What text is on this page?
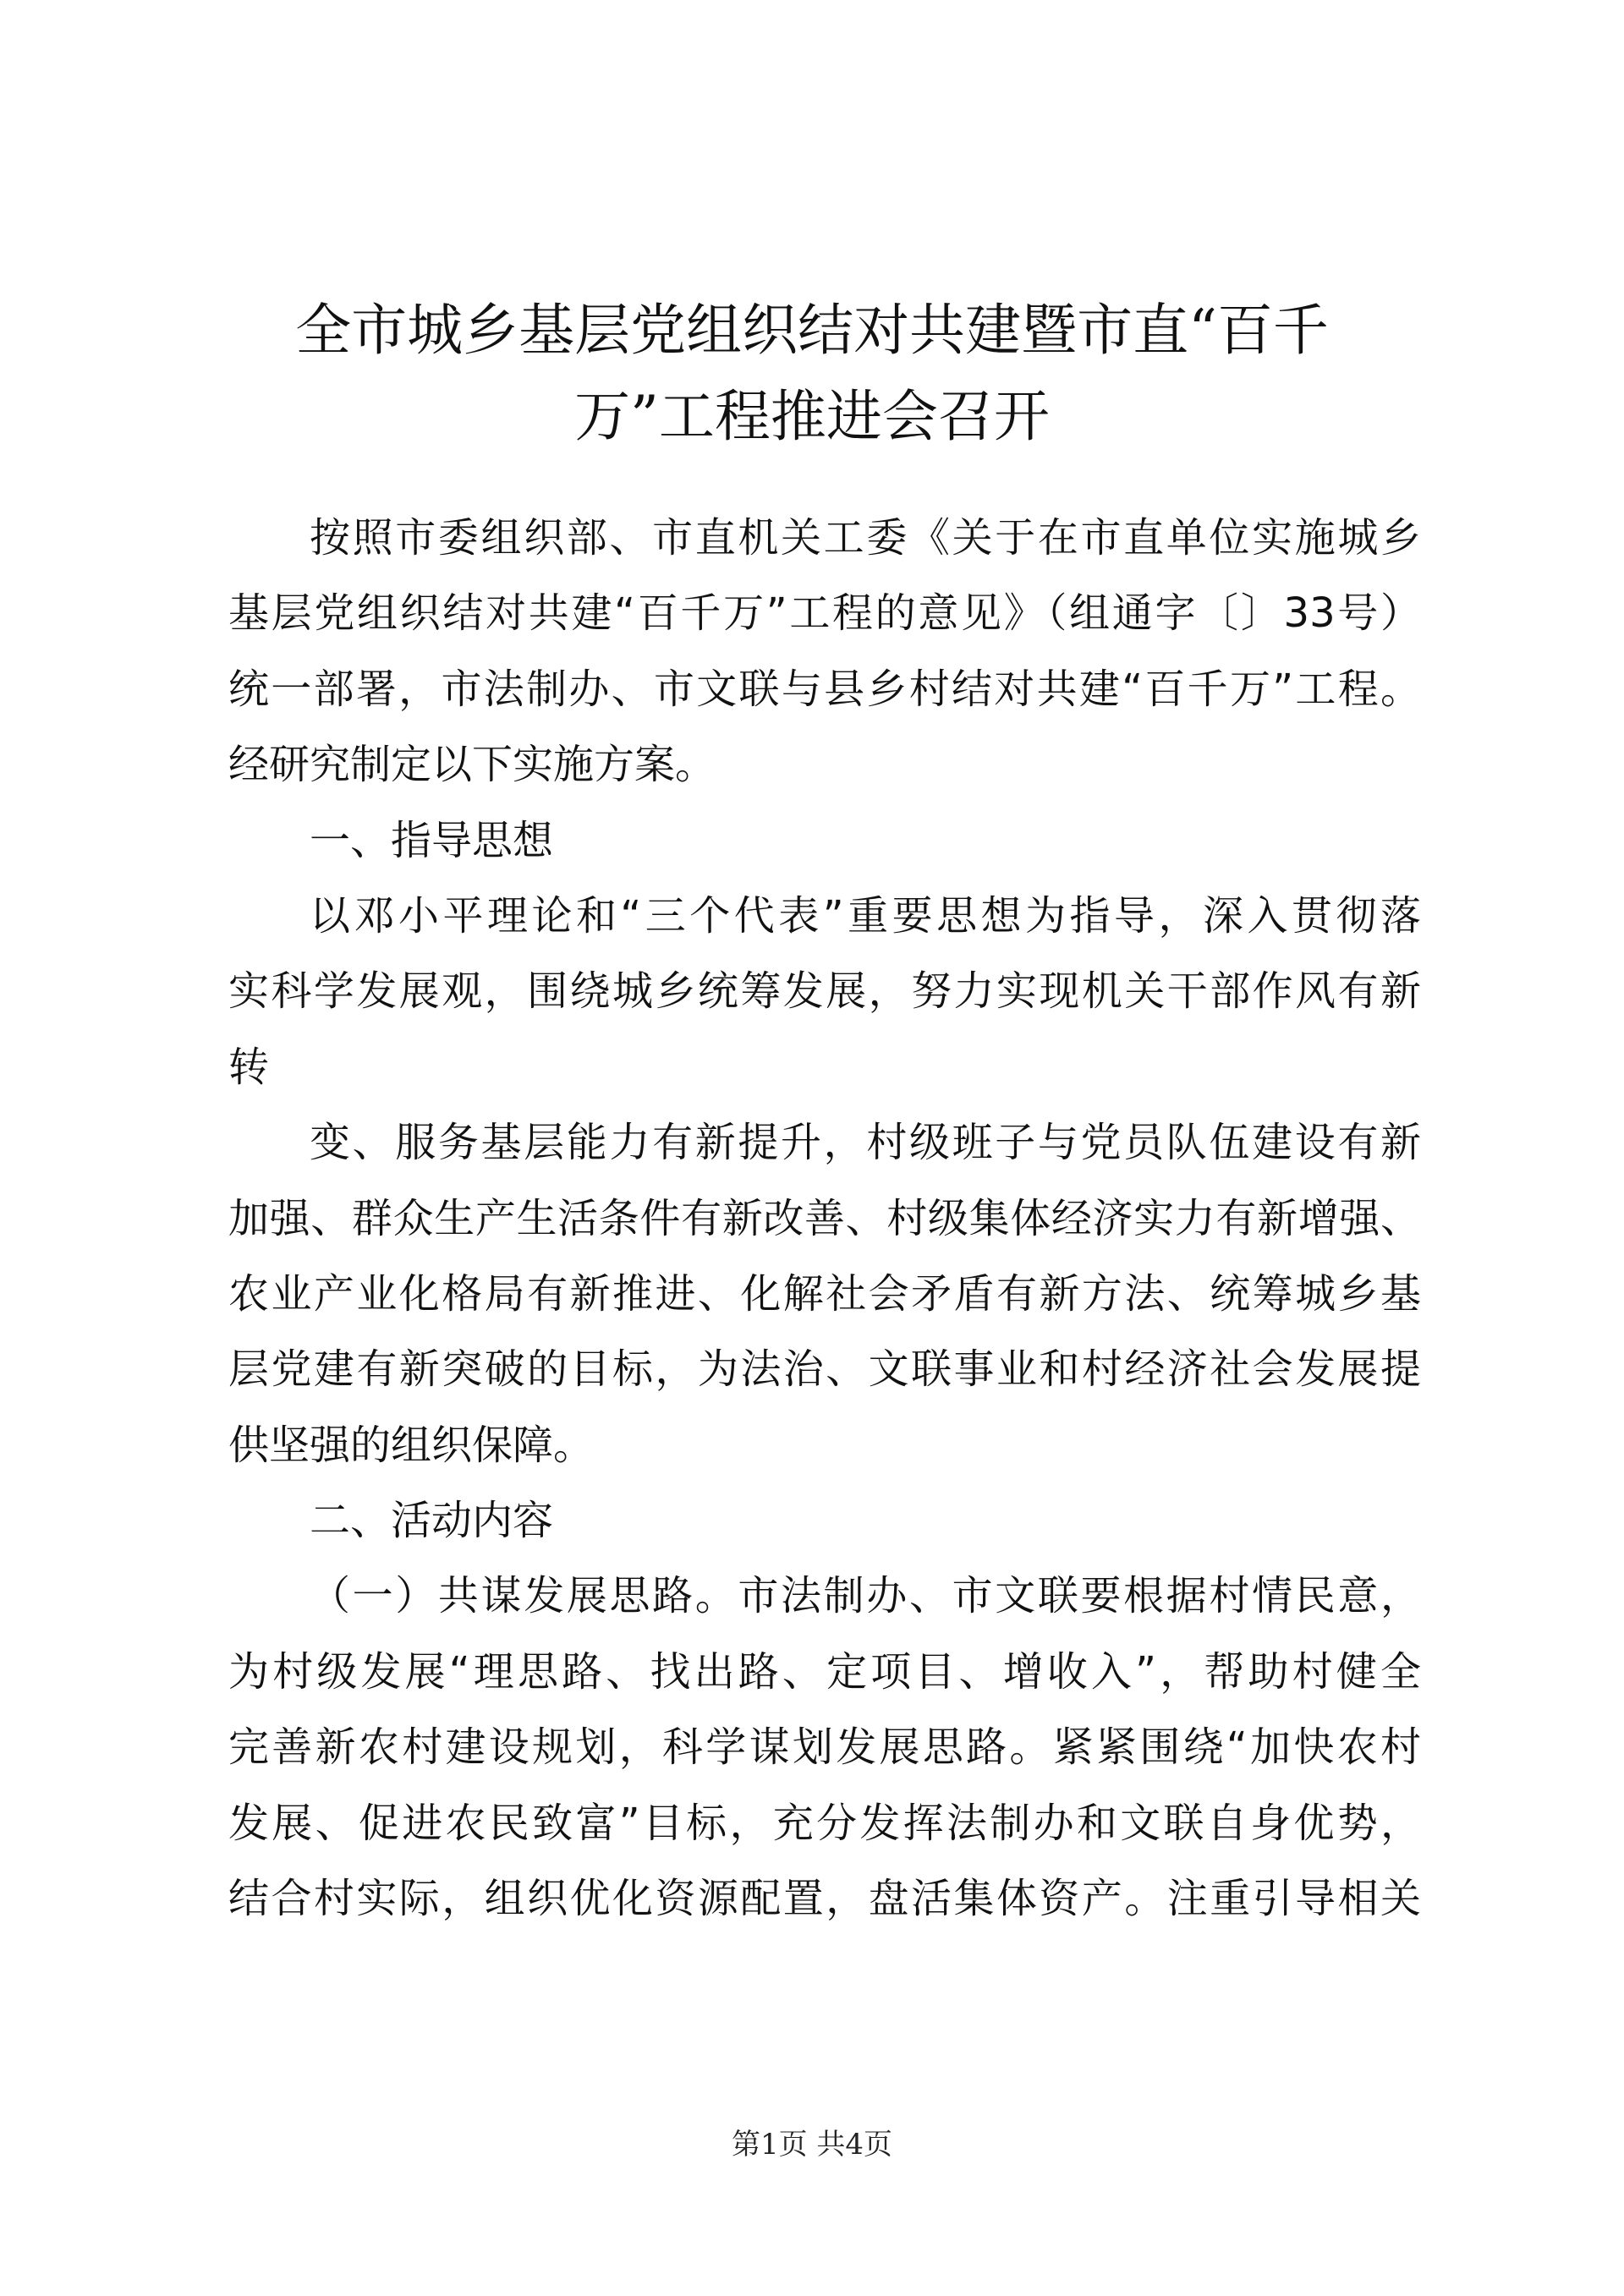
全市城乡基层党组织结对共建暨市直“百千
万”工程推进会召开
按照市委组织部、市直机关工委《关于在市直单位实施城乡
基层党组织结对共建“百千万”工程的意见》（组通字〔〕33号）
统一部署，市法制办、市文联与县乡村结对共建“百千万”工程。
经研究制定以下实施方案。
一、指导思想
以邓小平理论和“三个代表”重要思想为指导，深入贯彻落
实科学发展观，围绕城乡统筹发展，努力实现机关干部作风有新
转
变、服务基层能力有新提升，村级班子与党员队伍建设有新
加强、群众生产生活条件有新改善、村级集体经济实力有新增强、
农业产业化格局有新推进、化解社会矛盾有新方法、统筹城乡基
层党建有新突破的目标，为法治、文联事业和村经济社会发展提
供坚强的组织保障。
二、活动内容
（一）共谋发展思路。市法制办、市文联要根据村情民意，
为村级发展“理思路、找出路、定项目、增收入”，帮助村健全
完善新农村建设规划，科学谋划发展思路。紧紧围绕“加快农村
发展、促进农民致富”目标，充分发挥法制办和文联自身优势，
结合村实际，组织优化资源配置，盘活集体资产。注重引导相关
第1页 共4页
